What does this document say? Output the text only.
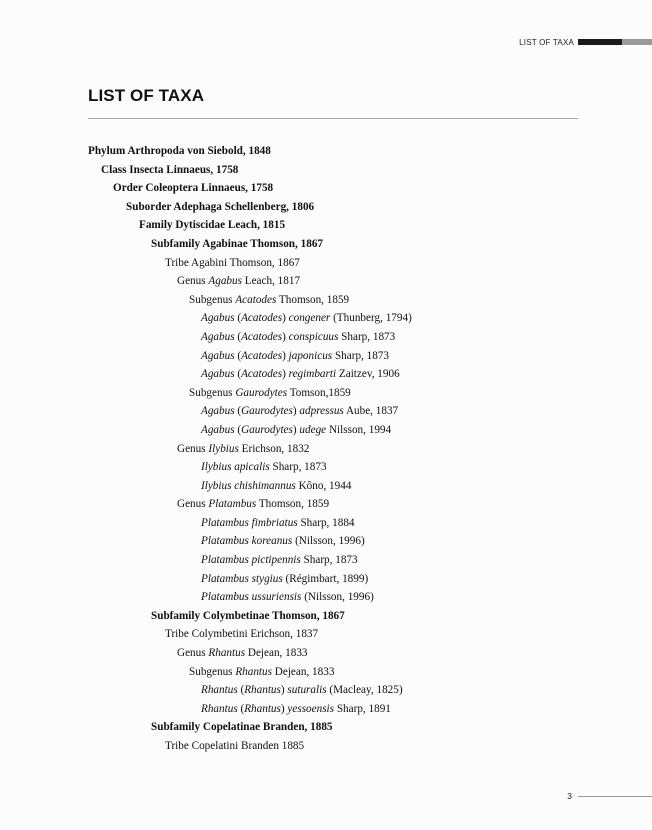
LIST OF TAXA
LIST OF TAXA
Phylum Arthropoda von Siebold, 1848
Class Insecta Linnaeus, 1758
Order Coleoptera Linnaeus, 1758
Suborder Adephaga Schellenberg, 1806
Family Dytiscidae Leach, 1815
Subfamily Agabinae Thomson, 1867
Tribe Agabini Thomson, 1867
Genus Agabus Leach, 1817
Subgenus Acatodes Thomson, 1859
Agabus (Acatodes) congener (Thunberg, 1794)
Agabus (Acatodes) conspicuus Sharp, 1873
Agabus (Acatodes) japonicus Sharp, 1873
Agabus (Acatodes) regimbarti Zaitzev, 1906
Subgenus Gaurodytes Tomson,1859
Agabus (Gaurodytes) adpressus Aube, 1837
Agabus (Gaurodytes) udege Nilsson, 1994
Genus Ilybius Erichson, 1832
Ilybius apicalis Sharp, 1873
Ilybius chishimannus Kôno, 1944
Genus Platambus Thomson, 1859
Platambus fimbriatus Sharp, 1884
Platambus koreanus (Nilsson, 1996)
Platambus pictipennis Sharp, 1873
Platambus stygius (Régimbart, 1899)
Platambus ussuriensis (Nilsson, 1996)
Subfamily Colymbetinae Thomson, 1867
Tribe Colymbetini Erichson, 1837
Genus Rhantus Dejean, 1833
Subgenus Rhantus Dejean, 1833
Rhantus (Rhantus) suturalis (Macleay, 1825)
Rhantus (Rhantus) yessoensis Sharp, 1891
Subfamily Copelatinae Branden, 1885
Tribe Copelatini Branden 1885
3
